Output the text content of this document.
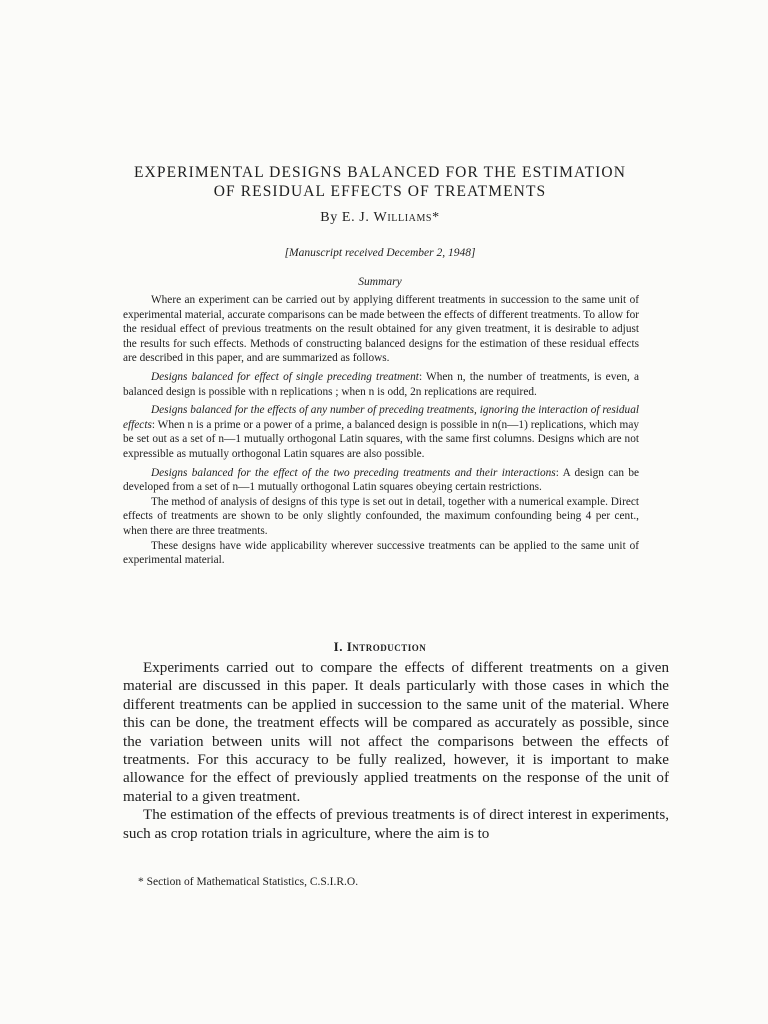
EXPERIMENTAL DESIGNS BALANCED FOR THE ESTIMATION
OF RESIDUAL EFFECTS OF TREATMENTS

By E. J. Williams*

[Manuscript received December 2, 1948]

Summary

Where an experiment can be carried out by applying different treatments in succession to the same unit of experimental material, accurate comparisons can be made between the effects of different treatments. To allow for the residual effect of previous treatments on the result obtained for any given treatment, it is desirable to adjust the results for such effects. Methods of constructing balanced designs for the estimation of these residual effects are described in this paper, and are summarized as follows.

Designs balanced for effect of single preceding treatment: When n, the number of treatments, is even, a balanced design is possible with n replications ; when n is odd, 2n replications are required.

Designs balanced for the effects of any number of preceding treatments, ignoring the interaction of residual effects: When n is a prime or a power of a prime, a balanced design is possible in n(n—1) replications, which may be set out as a set of n—1 mutually orthogonal Latin squares, with the same first columns. Designs which are not expressible as mutually orthogonal Latin squares are also possible.

Designs balanced for the effect of the two preceding treatments and their interactions: A design can be developed from a set of n—1 mutually orthogonal Latin squares obeying certain restrictions.

The method of analysis of designs of this type is set out in detail, together with a numerical example. Direct effects of treatments are shown to be only slightly confounded, the maximum confounding being 4 per cent., when there are three treatments.

These designs have wide applicability wherever successive treatments can be applied to the same unit of experimental material.

I. Introduction

Experiments carried out to compare the effects of different treatments on a given material are discussed in this paper. It deals particularly with those cases in which the different treatments can be applied in succession to the same unit of the material. Where this can be done, the treatment effects will be compared as accurately as possible, since the variation between units will not affect the comparisons between the effects of treatments. For this accuracy to be fully realized, however, it is important to make allowance for the effect of previously applied treatments on the response of the unit of material to a given treatment.

The estimation of the effects of previous treatments is of direct interest in experiments, such as crop rotation trials in agriculture, where the aim is to

* Section of Mathematical Statistics, C.S.I.R.O.
